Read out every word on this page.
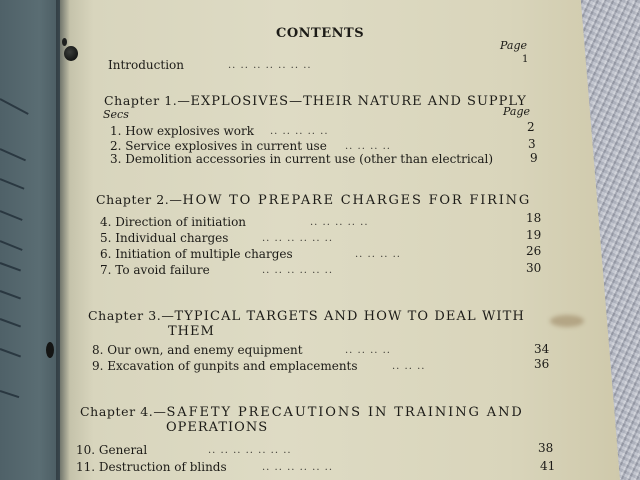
CONTENTS
Page
Introduction	.. .. .. .. .. .. ..
1
Chapter 1.—EXPLOSIVES—THEIR NATURE AND SUPPLY
Secs	Page
1. How explosives work .. .. .. .. ..	2
2. Service explosives in current use .. .. .. ..	3
3. Demolition accessories in current use (other than electrical)	9
Chapter 2.—HOW TO PREPARE CHARGES FOR FIRING
4. Direction of initiation	.. .. .. .. ..	18
5. Individual charges	.. .. .. .. .. ..	19
6. Initiation of multiple charges	.. .. .. ..	26
7. To avoid failure	.. .. .. .. .. ..	30
Chapter 3.—TYPICAL TARGETS AND HOW TO DEAL WITH
THEM
8. Our own, and enemy equipment	.. .. .. ..	34
9. Excavation of gunpits and emplacements	.. .. ..	36
Chapter 4.—SAFETY PRECAUTIONS IN TRAINING AND
OPERATIONS
10. General	.. .. .. .. .. .. ..	38
11. Destruction of blinds	.. .. .. .. .. ..	41
